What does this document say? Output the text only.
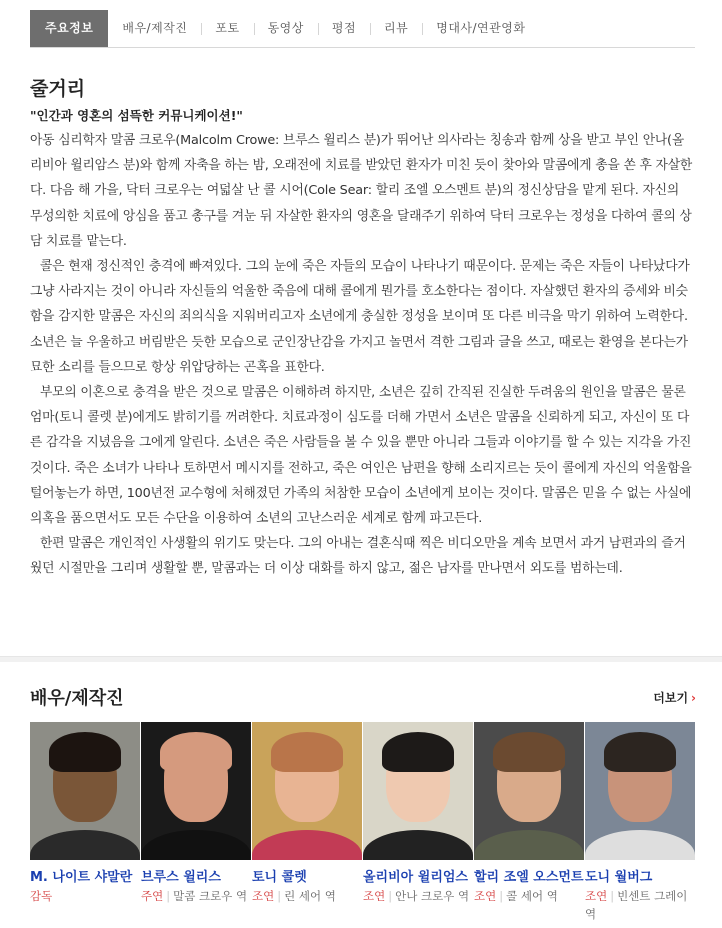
주요정보	배우/제작진	포토	동영상	평점	리뷰	명대사/연관영화
줄거리

"인간과 영혼의 섬뜩한 커뮤니케이션!"

아동 심리학자 말콤 크로우(Malcolm Crowe: 브루스 윌리스 분)가 뛰어난 의사라는 칭송과 함께 상을 받고 부인 안나(올리비아 윌리암스 분)와 함께 자축을 하는 밤, 오래전에 치료를 받았던 환자가 미친 듯이 찾아와 말콤에게 총을 쏜 후 자살한다. 다음 해 가을, 닥터 크로우는 여덟살 난 콜 시어(Cole Sear: 할리 조엘 오스멘트 분)의 정신상담을 맡게 된다. 자신의 무성의한 치료에 앙심을 품고 총구를 겨눈 뒤 자살한 환자의 영혼을 달래주기 위하여 닥터 크로우는 정성을 다하여 콜의 상담 치료를 맡는다.

콜은 현재 정신적인 충격에 빠져있다. 그의 눈에 죽은 자들의 모습이 나타나기 때문이다. 문제는 죽은 자들이 나타났다가 그냥 사라지는 것이 아니라 자신들의 억울한 죽음에 대해 콜에게 뭔가를 호소한다는 점이다. 자살했던 환자의 증세와 비슷함을 감지한 말콤은 자신의 죄의식을 지워버리고자 소년에게 충실한 정성을 보이며 또 다른 비극을 막기 위하여 노력한다. 소년은 늘 우울하고 버림받은 듯한 모습으로 군인장난감을 가지고 놀면서 격한 그림과 글을 쓰고, 때로는 환영을 본다는가 묘한 소리를 들으므로 항상 위압당하는 곤혹을 표한다.

부모의 이혼으로 충격을 받은 것으로 말콤은 이해하려 하지만, 소년은 깊히 간직된 진실한 두려움의 원인을 말콤은 물론 엄마(토니 콜렛 분)에게도 밝히기를 꺼려한다. 치료과정이 심도를 더해 가면서 소년은 말콤을 신뢰하게 되고, 자신이 또 다른 감각을 지녔음을 그에게 알린다. 소년은 죽은 사람들을 볼 수 있을 뿐만 아니라 그들과 이야기를 할 수 있는 지각을 가진 것이다. 죽은 소녀가 나타나 토하면서 메시지를 전하고, 죽은 여인은 남편을 향해 소리지르는 듯이 콜에게 자신의 억울함을 털어놓는가 하면, 100년전 교수형에 처해졌던 가족의 처참한 모습이 소년에게 보이는 것이다. 말콤은 믿을 수 없는 사실에 의혹을 품으면서도 모든 수단을 이용하여 소년의 고난스러운 세계로 함께 파고든다.

한편 말콤은 개인적인 사생활의 위기도 맞는다. 그의 아내는 결혼식때 찍은 비디오만을 계속 보면서 과거 남편과의 즐거웠던 시절만을 그리며 생활할 뿐, 말콤과는 더 이상 대화를 하지 않고, 젊은 남자를 만나면서 외도를 범하는데.

배우/제작진	더보기 ›
M. 나이트 샤말란
감독
브루스 윌리스
주연 | 말콤 크로우 역
토니 콜렛
조연 | 린 세어 역
올리비아 윌리엄스
조연 | 안나 크로우 역
할리 조엘 오스먼트
조연 | 콜 세어 역
도니 월버그
조연 | 빈센트 그레이 역
